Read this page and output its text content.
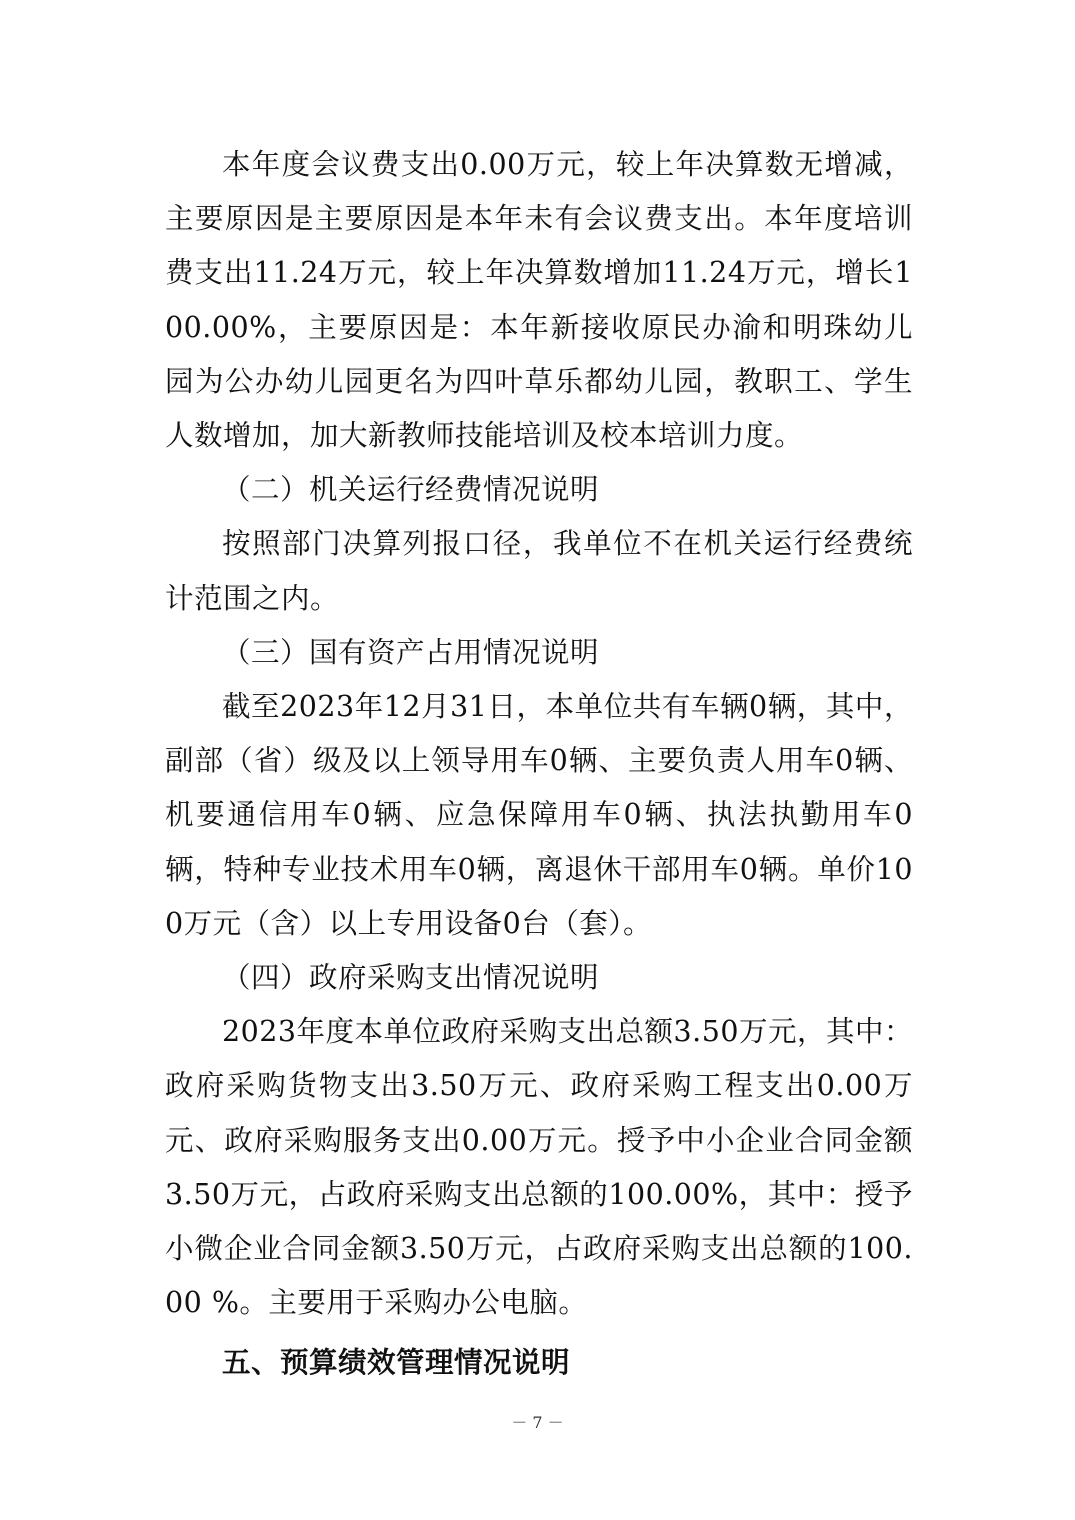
本年度会议费支出0.00万元，较上年决算数无增减，主要原因是主要原因是本年未有会议费支出。本年度培训费支出11.24万元，较上年决算数增加11.24万元，增长100.00%，主要原因是：本年新接收原民办渝和明珠幼儿园为公办幼儿园更名为四叶草乐都幼儿园，教职工、学生人数增加，加大新教师技能培训及校本培训力度。

（二）机关运行经费情况说明

按照部门决算列报口径，我单位不在机关运行经费统计范围之内。

（三）国有资产占用情况说明

截至2023年12月31日，本单位共有车辆0辆，其中，副部（省）级及以上领导用车0辆、主要负责人用车0辆、机要通信用车0辆、应急保障用车0辆、执法执勤用车0辆，特种专业技术用车0辆，离退休干部用车0辆。单价100万元（含）以上专用设备0台（套）。

（四）政府采购支出情况说明

2023年度本单位政府采购支出总额3.50万元，其中：政府采购货物支出3.50万元、政府采购工程支出0.00万元、政府采购服务支出0.00万元。授予中小企业合同金额3.50万元，占政府采购支出总额的100.00%，其中：授予小微企业合同金额3.50万元，占政府采购支出总额的100.00 %。主要用于采购办公电脑。

五、预算绩效管理情况说明

－ 7 －
